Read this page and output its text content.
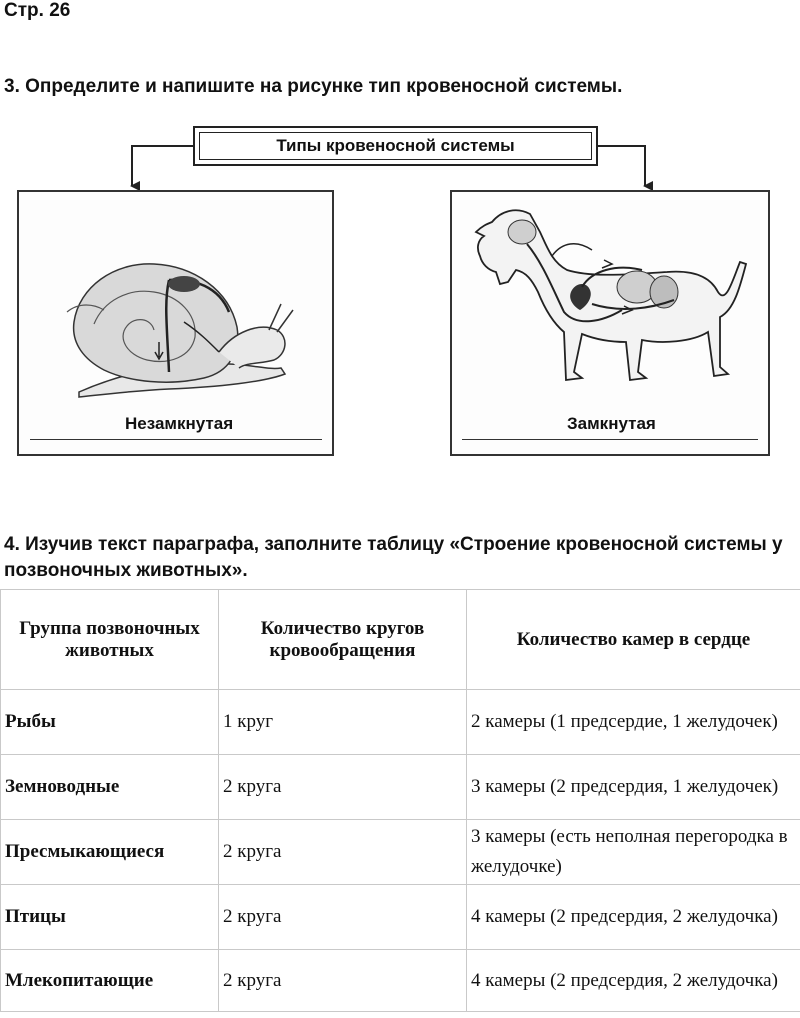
Стр. 26
3. Определите и напишите на рисунке тип кровеносной системы.
Типы кровеносной системы
Незамкнутая	Замкнутая
4. Изучив текст параграфа, заполните таблицу «Строение кровеносной системы у позвоночных животных».
Группа позвоночных животных	Количество кругов кровообращения	Количество камер в сердце
Рыбы	1 круг	2 камеры (1 предсердие, 1 желудочек)
Земноводные	2 круга	3 камеры (2 предсердия, 1 желудочек)
Пресмыкающиеся	2 круга	3 камеры (есть неполная перегородка в желудочке)
Птицы	2 круга	4 камеры (2 предсердия, 2 желудочка)
Млекопитающие	2 круга	4 камеры (2 предсердия, 2 желудочка)
